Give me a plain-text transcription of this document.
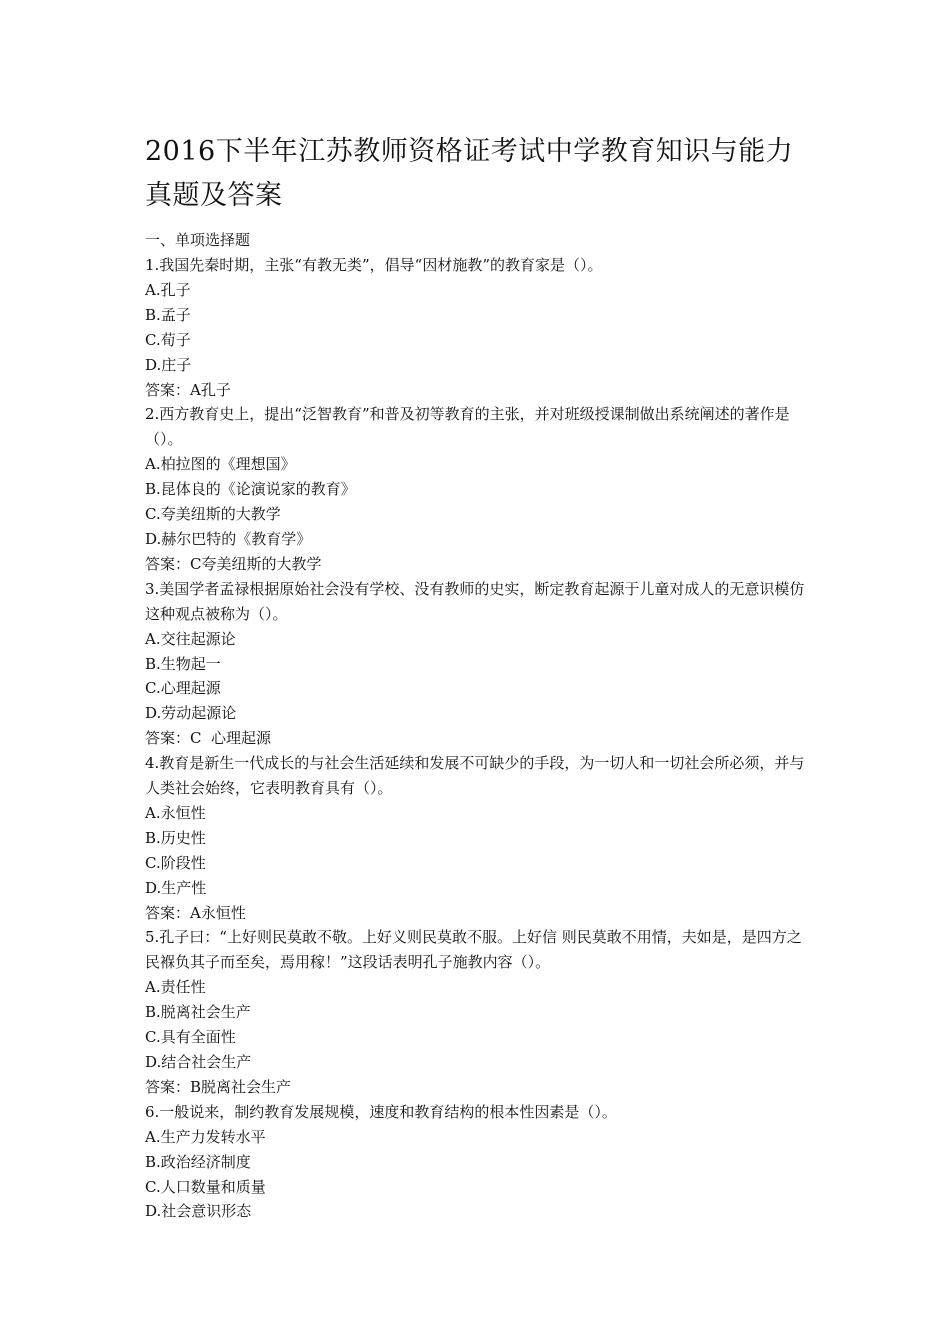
2016下半年江苏教师资格证考试中学教育知识与能力真题及答案

一、单项选择题

1.我国先秦时期，主张“有教无类”，倡导“因材施教”的教育家是（）。

A.孔子

B.孟子

C.荀子

D.庄子

答案：A孔子

2.西方教育史上，提出“泛智教育”和普及初等教育的主张，并对班级授课制做出系统阐述的著作是（）。

A.柏拉图的《理想国》

B.昆体良的《论演说家的教育》

C.夸美纽斯的大教学

D.赫尔巴特的《教育学》

答案：C夸美纽斯的大教学

3.美国学者孟禄根据原始社会没有学校、没有教师的史实，断定教育起源于儿童对成人的无意识模仿这种观点被称为（）。

A.交往起源论

B.生物起一

C.心理起源

D.劳动起源论

答案：C  心理起源

4.教育是新生一代成长的与社会生活延续和发展不可缺少的手段，为一切人和一切社会所必须，并与人类社会始终，它表明教育具有（）。

A.永恒性

B.历史性

C.阶段性

D.生产性

答案：A永恒性

5.孔子曰：“上好则民莫敢不敬。上好义则民莫敢不服。上好信 则民莫敢不用情，夫如是，是四方之民褓负其子而至矣，焉用稼！”这段话表明孔子施教内容（）。

A.责任性

B.脱离社会生产

C.具有全面性

D.结合社会生产

答案：B脱离社会生产

6.一般说来，制约教育发展规模，速度和教育结构的根本性因素是（）。

A.生产力发转水平

B.政治经济制度

C.人口数量和质量

D.社会意识形态
